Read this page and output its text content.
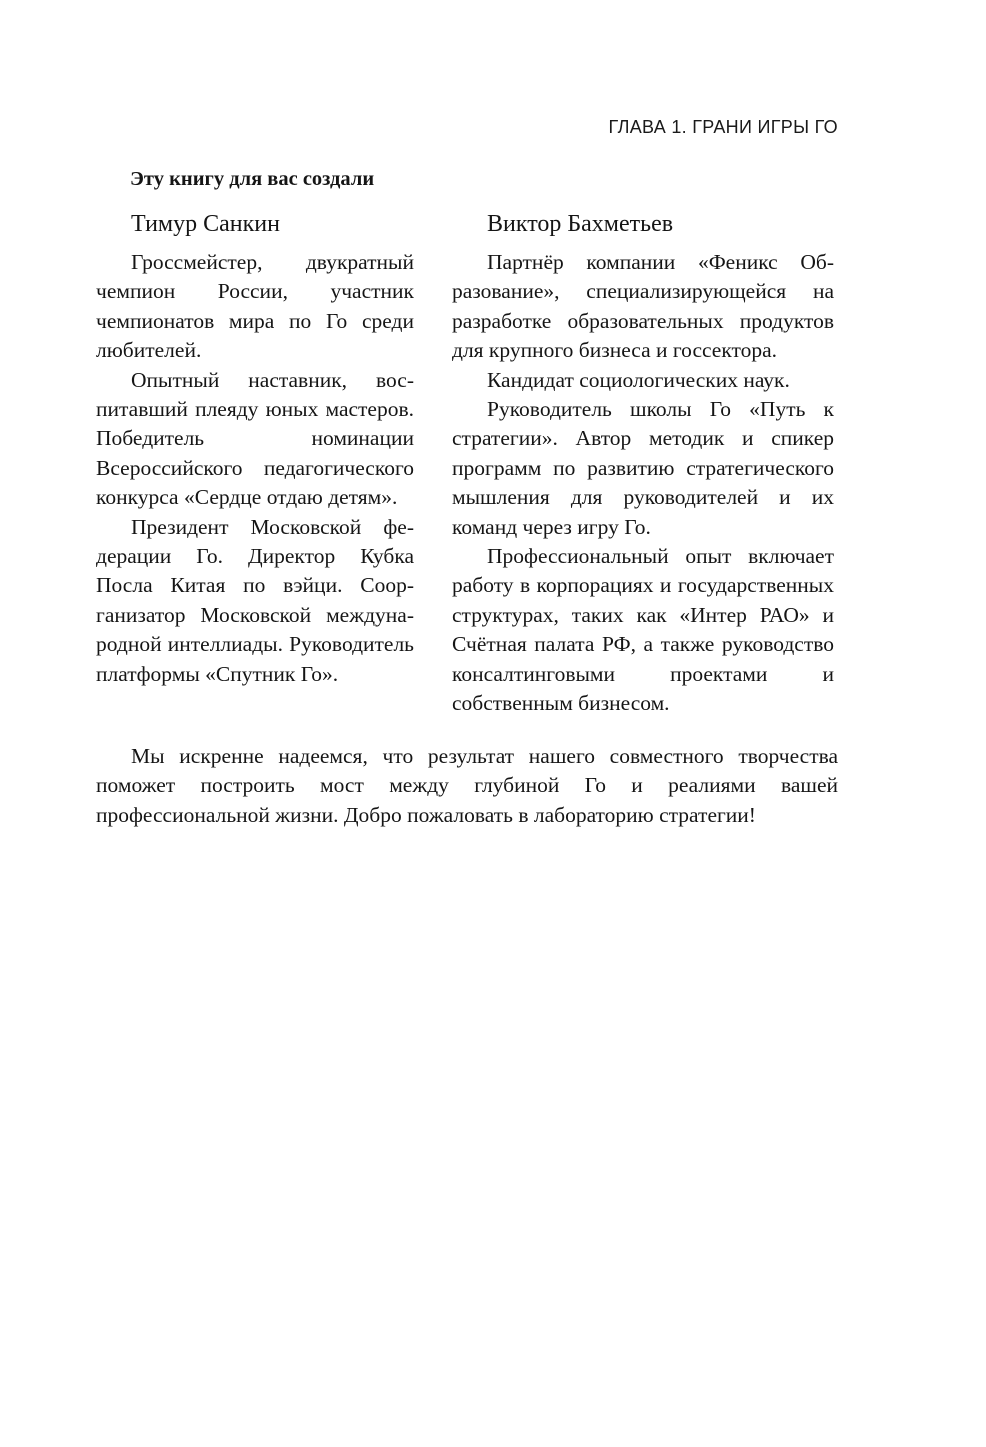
ГЛАВА 1. ГРАНИ ИГРЫ ГО
Эту книгу для вас создали
Тимур Санкин

Гроссмейстер, двукратный чемпион России, участник чемпионатов мира по Го среди любителей.

Опытный наставник, воспитавший плеяду юных мастеров. Победитель номинации Всероссийского педагогического конкурса «Сердце отдаю детям».

Президент Московской федерации Го. Директор Кубка Посла Китая по вэйци. Соорганизатор Московской международной интеллиады. Руководитель платформы «Спутник Го».

Виктор Бахметьев

Партнёр компании «Феникс Образование», специализирующейся на разработке образовательных продуктов для крупного бизнеса и госсектора.

Кандидат социологических наук.

Руководитель школы Го «Путь к стратегии». Автор методик и спикер программ по развитию стратегического мышления для руководителей и их команд через игру Го.

Профессиональный опыт включает работу в корпорациях и государственных структурах, таких как «Интер РАО» и Счётная палата РФ, а также руководство консалтинговыми проектами и собственным бизнесом.

Мы искренне надеемся, что результат нашего совместного творчества поможет построить мост между глубиной Го и реалиями вашей профессиональной жизни. Добро пожаловать в лабораторию стратегии!
